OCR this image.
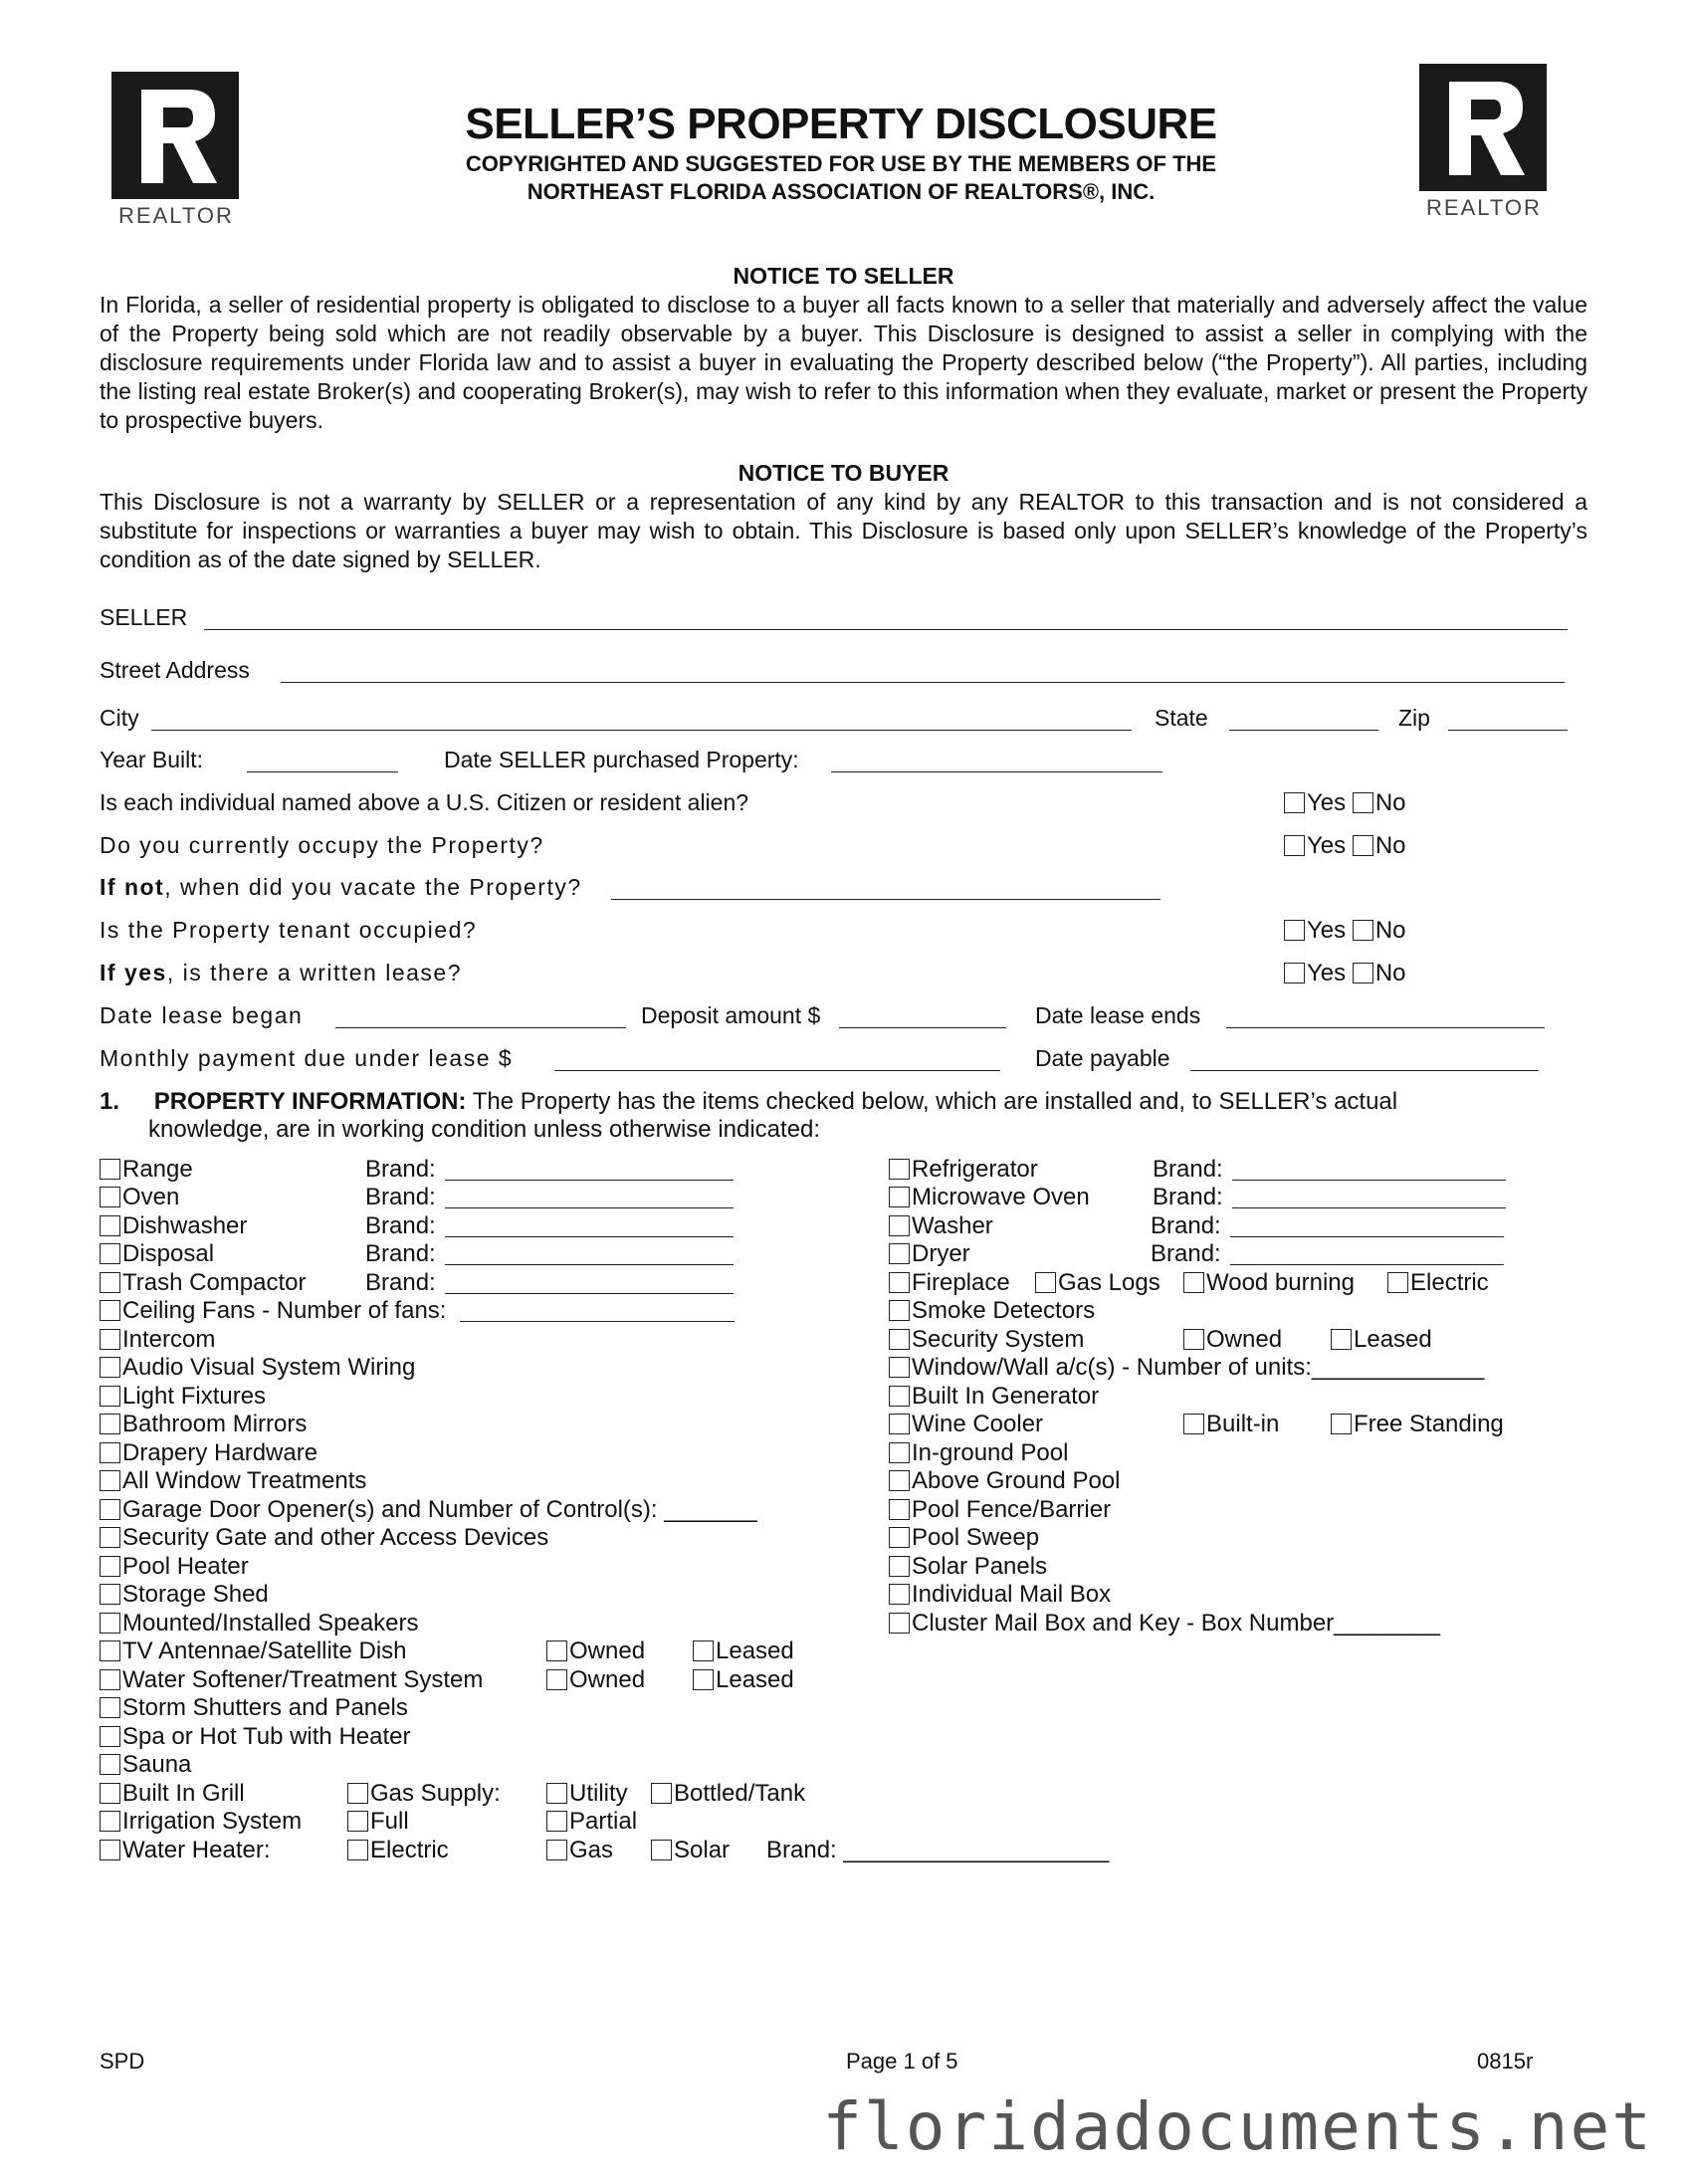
REALTOR	REALTOR
SELLER’S PROPERTY DISCLOSURE
COPYRIGHTED AND SUGGESTED FOR USE BY THE MEMBERS OF THE
NORTHEAST FLORIDA ASSOCIATION OF REALTORS®, INC.
NOTICE TO SELLER
In Florida, a seller of residential property is obligated to disclose to a buyer all facts known to a seller that materially and adversely affect the value of the Property being sold which are not readily observable by a buyer. This Disclosure is designed to assist a seller in complying with the disclosure requirements under Florida law and to assist a buyer in evaluating the Property described below (“the Property”). All parties, including the listing real estate Broker(s) and cooperating Broker(s), may wish to refer to this information when they evaluate, market or present the Property to prospective buyers.
NOTICE TO BUYER
This Disclosure is not a warranty by SELLER or a representation of any kind by any REALTOR to this transaction and is not considered a substitute for inspections or warranties a buyer may wish to obtain. This Disclosure is based only upon SELLER’s knowledge of the Property’s condition as of the date signed by SELLER.
SELLER
Street Address
City	State	Zip
Year Built:	Date SELLER purchased Property:
Is each individual named above a U.S. Citizen or resident alien?	Yes No
Do you currently occupy the Property?	Yes No
If not, when did you vacate the Property?
Is the Property tenant occupied?	Yes No
If yes, is there a written lease?	Yes No
Date lease began	Deposit amount $	Date lease ends
Monthly payment due under lease $	Date payable
1. PROPERTY INFORMATION: The Property has the items checked below, which are installed and, to SELLER’s actual
knowledge, are in working condition unless otherwise indicated:
Range	Brand:
Oven	Brand:
Dishwasher	Brand:
Disposal	Brand:
Trash Compactor Brand:
Ceiling Fans - Number of fans:
Intercom
Audio Visual System Wiring
Light Fixtures
Bathroom Mirrors
Drapery Hardware
All Window Treatments
Garage Door Opener(s) and Number of Control(s): _______
Security Gate and other Access Devices
Pool Heater
Storage Shed
Mounted/Installed Speakers
TV Antennae/Satellite Dish	Owned	Leased
Water Softener/Treatment System	Owned	Leased
Storm Shutters and Panels
Spa or Hot Tub with Heater
Sauna
Built In Grill	Gas Supply:	Utility	Bottled/Tank
Irrigation System	Full	Partial
Water Heater:	Electric	Gas	Solar Brand: ____________________
Refrigerator	Brand:
Microwave Oven	Brand:
Washer	Brand:
Dryer	Brand:
Fireplace	Gas Logs	Wood burning	Electric
Smoke Detectors
Security System	Owned	Leased
Window/Wall a/c(s) - Number of units:_____________
Built In Generator
Wine Cooler	Built-in	Free Standing
In-ground Pool
Above Ground Pool
Pool Fence/Barrier
Pool Sweep
Solar Panels
Individual Mail Box
Cluster Mail Box and Key - Box Number________
SPD	Page 1 of 5	0815r
floridadocuments.net
